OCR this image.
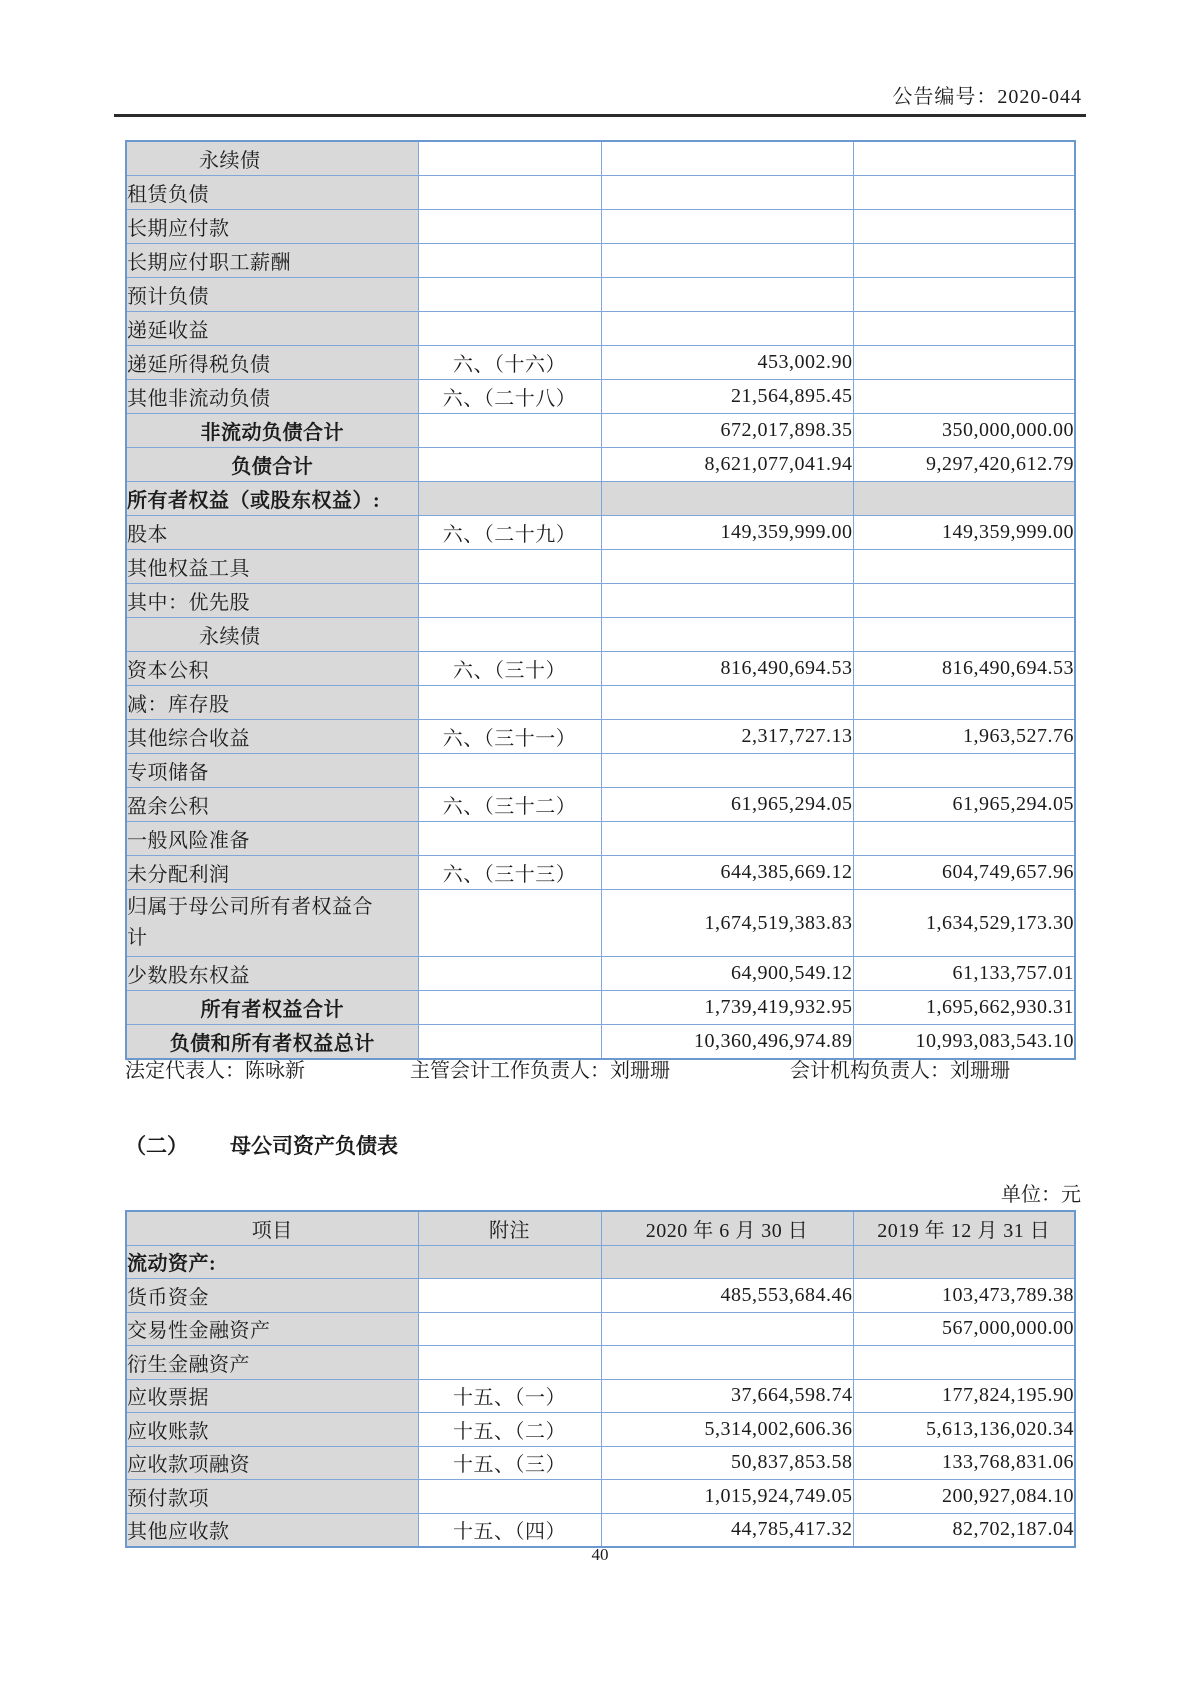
公告编号：2020-044
永续债			
租赁负债			
长期应付款			
长期应付职工薪酬			
预计负债			
递延收益			
递延所得税负债	六、（十六）	453,002.90	
其他非流动负债	六、（二十八）	21,564,895.45	
非流动负债合计		672,017,898.35	350,000,000.00
负债合计		8,621,077,041.94	9,297,420,612.79
所有者权益（或股东权益）:			
股本	六、（二十九）	149,359,999.00	149,359,999.00
其他权益工具			
其中：优先股			
永续债			
资本公积	六、（三十）	816,490,694.53	816,490,694.53
减：库存股			
其他综合收益	六、（三十一）	2,317,727.13	1,963,527.76
专项储备			
盈余公积	六、（三十二）	61,965,294.05	61,965,294.05
一般风险准备			
未分配利润	六、（三十三）	644,385,669.12	604,749,657.96
归属于母公司所有者权益合计		1,674,519,383.83	1,634,529,173.30
少数股东权益		64,900,549.12	61,133,757.01
所有者权益合计		1,739,419,932.95	1,695,662,930.31
负债和所有者权益总计		10,360,496,974.89	10,993,083,543.10
法定代表人：陈咏新	主管会计工作负责人：刘珊珊	会计机构负责人：刘珊珊
（二） 母公司资产负债表
单位：元
项目	附注	2020 年 6 月 30 日	2019 年 12 月 31 日
流动资产:			
货币资金		485,553,684.46	103,473,789.38
交易性金融资产			567,000,000.00
衍生金融资产			
应收票据	十五、（一）	37,664,598.74	177,824,195.90
应收账款	十五、（二）	5,314,002,606.36	5,613,136,020.34
应收款项融资	十五、（三）	50,837,853.58	133,768,831.06
预付款项		1,015,924,749.05	200,927,084.10
其他应收款	十五、（四）	44,785,417.32	82,702,187.04
40
